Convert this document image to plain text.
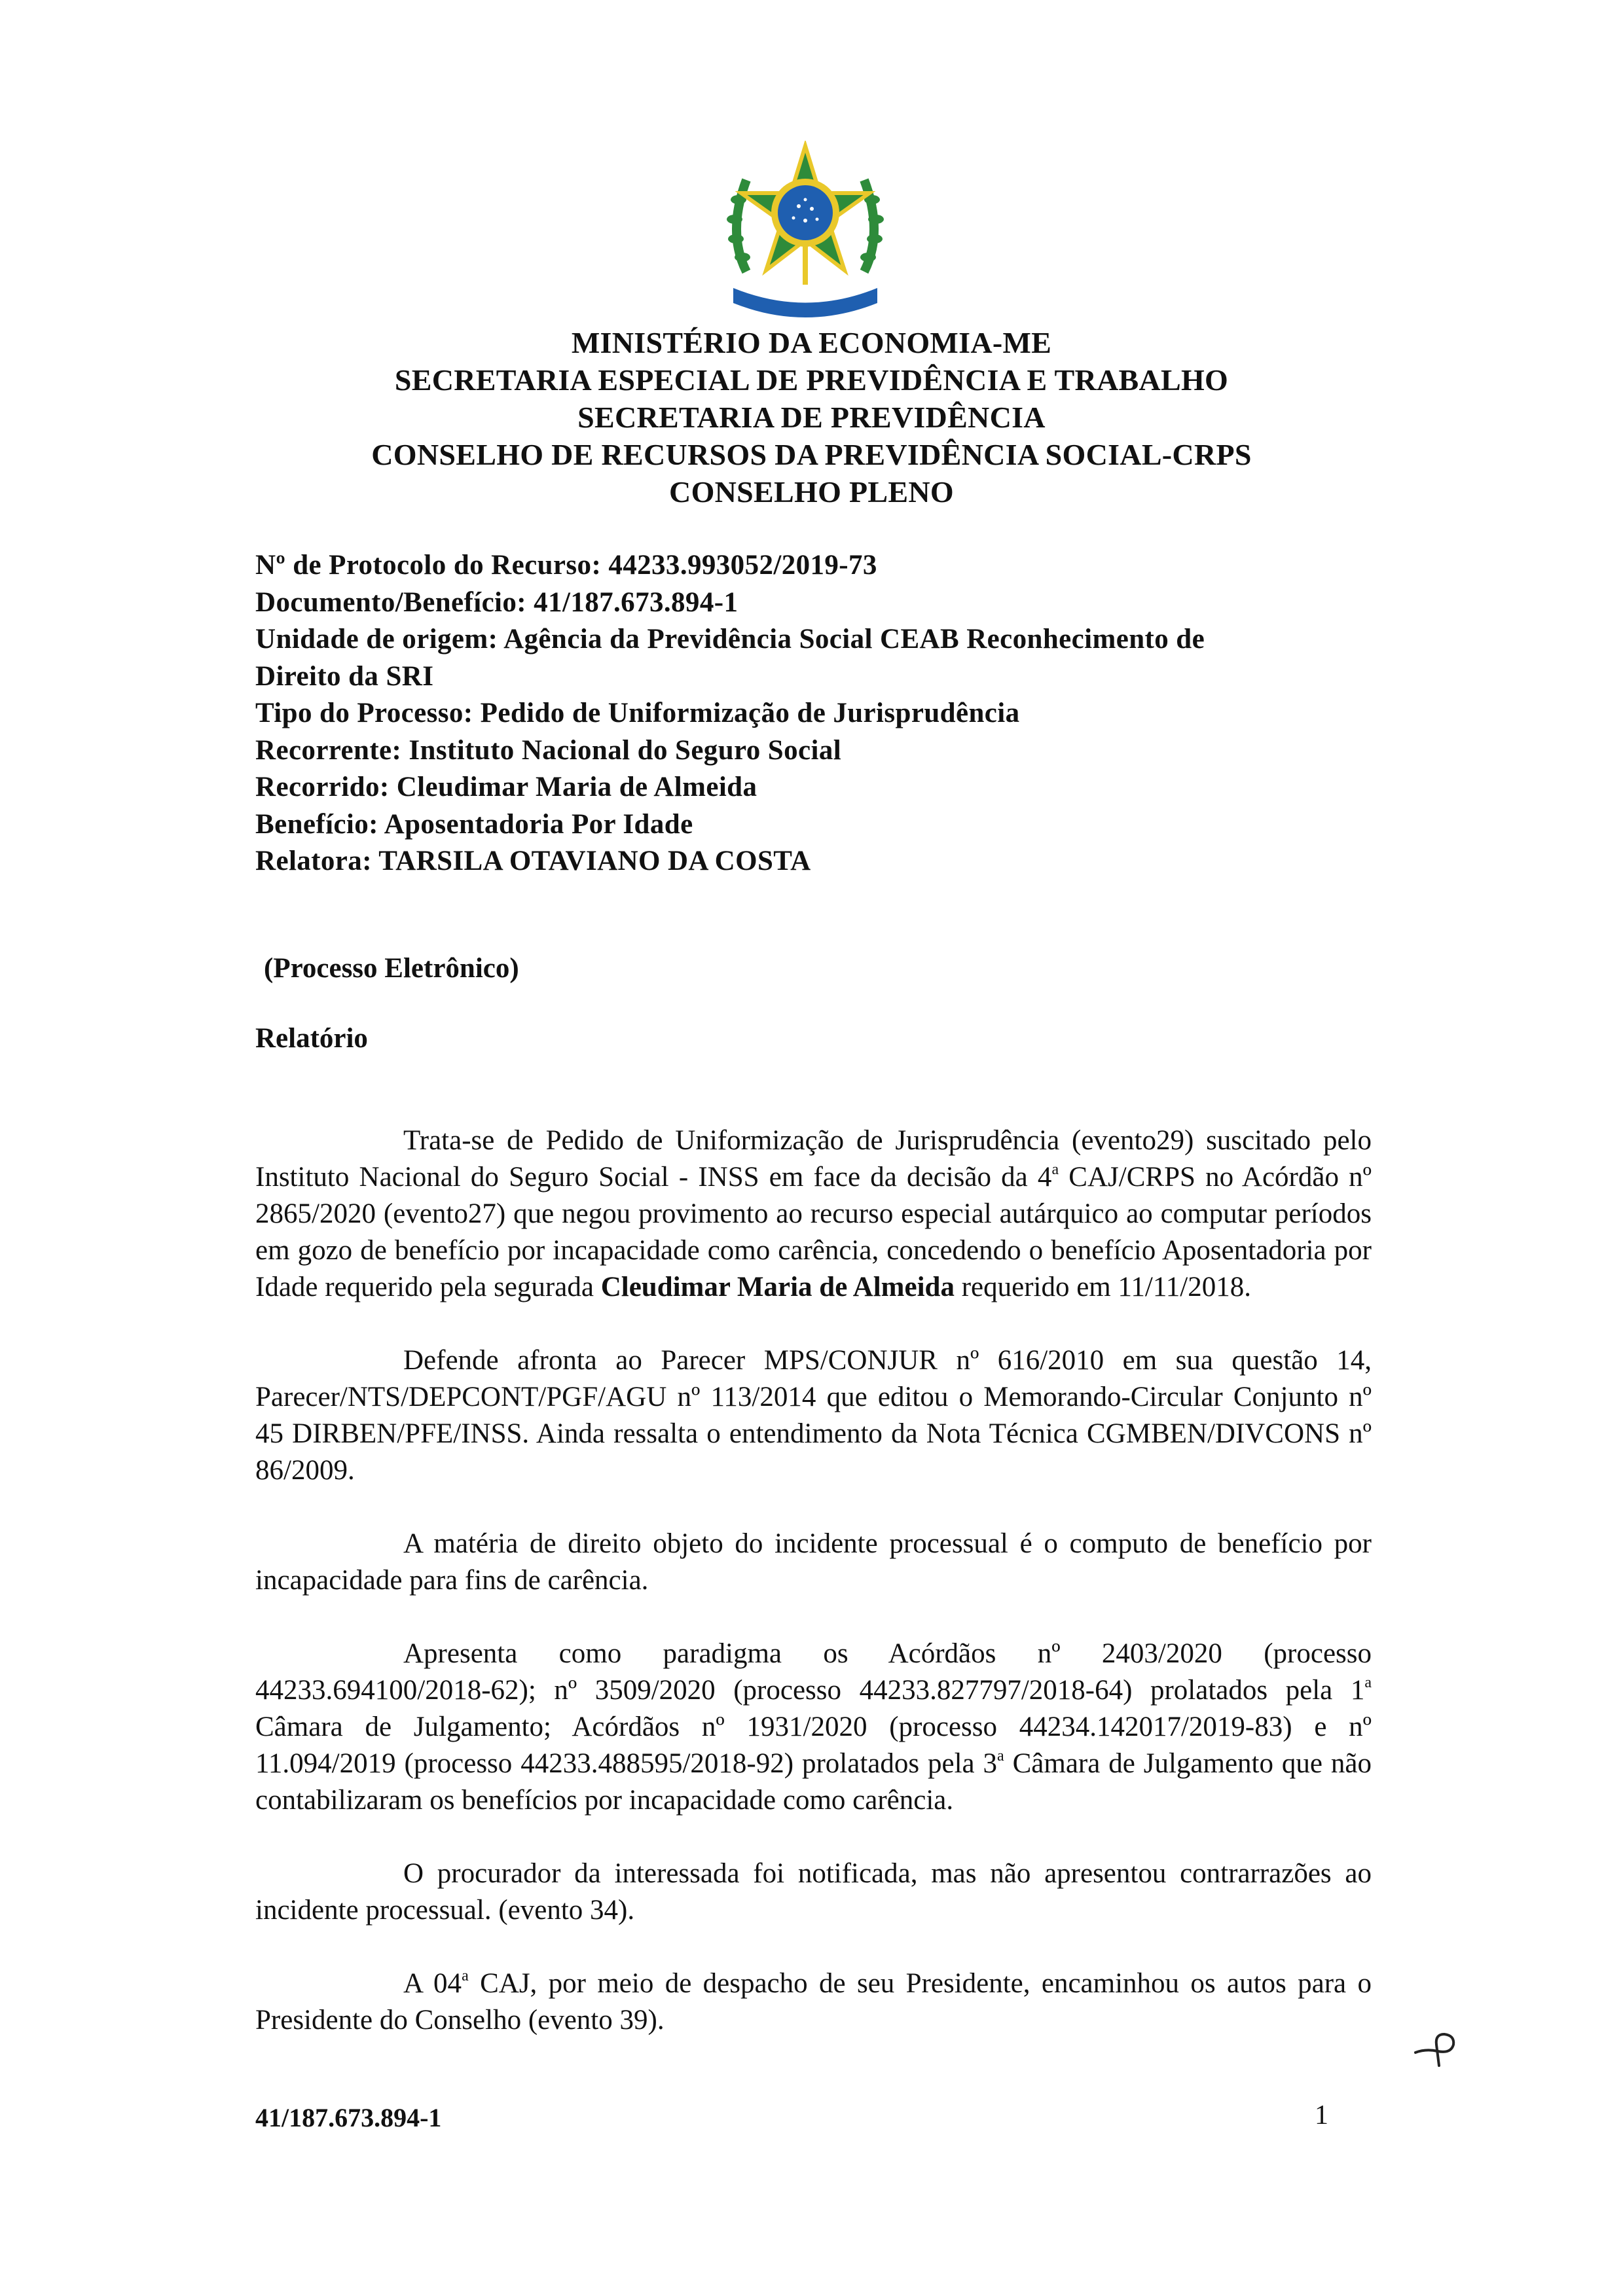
MINISTÉRIO DA ECONOMIA-ME
SECRETARIA ESPECIAL DE PREVIDÊNCIA E TRABALHO
SECRETARIA DE PREVIDÊNCIA
CONSELHO DE RECURSOS DA PREVIDÊNCIA SOCIAL-CRPS
CONSELHO PLENO
Nº de Protocolo do Recurso: 44233.993052/2019-73
Documento/Benefício: 41/187.673.894-1
Unidade de origem: Agência da Previdência Social CEAB Reconhecimento de
Direito da SRI
Tipo do Processo: Pedido de Uniformização de Jurisprudência
Recorrente: Instituto Nacional do Seguro Social
Recorrido: Cleudimar Maria de Almeida
Benefício: Aposentadoria Por Idade
Relatora: TARSILA OTAVIANO DA COSTA
(Processo Eletrônico)
Relatório

Trata-se de Pedido de Uniformização de Jurisprudência (evento29) suscitado pelo Instituto Nacional do Seguro Social - INSS em face da decisão da 4$^a$ CAJ/CRPS no Acórdão nº 2865/2020 (evento27) que negou provimento ao recurso especial autárquico ao computar períodos em gozo de benefício por incapacidade como carência, concedendo o benefício Aposentadoria por Idade requerido pela segurada Cleudimar Maria de Almeida requerido em 11/11/2018.

Defende afronta ao Parecer MPS/CONJUR nº 616/2010 em sua questão 14, Parecer/NTS/DEPCONT/PGF/AGU nº 113/2014 que editou o Memorando-Circular Conjunto nº 45 DIRBEN/PFE/INSS. Ainda ressalta o entendimento da Nota Técnica CGMBEN/DIVCONS nº 86/2009.

A matéria de direito objeto do incidente processual é o computo de benefício por incapacidade para fins de carência.

Apresenta como paradigma os Acórdãos nº 2403/2020 (processo 44233.694100/2018-62); nº 3509/2020 (processo 44233.827797/2018-64) prolatados pela 1$^a$ Câmara de Julgamento; Acórdãos nº 1931/2020 (processo 44234.142017/2019-83) e nº 11.094/2019 (processo 44233.488595/2018-92) prolatados pela 3$^a$ Câmara de Julgamento que não contabilizaram os benefícios por incapacidade como carência.

O procurador da interessada foi notificada, mas não apresentou contrarrazões ao incidente processual. (evento 34).

A 04$^a$ CAJ, por meio de despacho de seu Presidente, encaminhou os autos para o Presidente do Conselho (evento 39).

41/187.673.894-1	1
